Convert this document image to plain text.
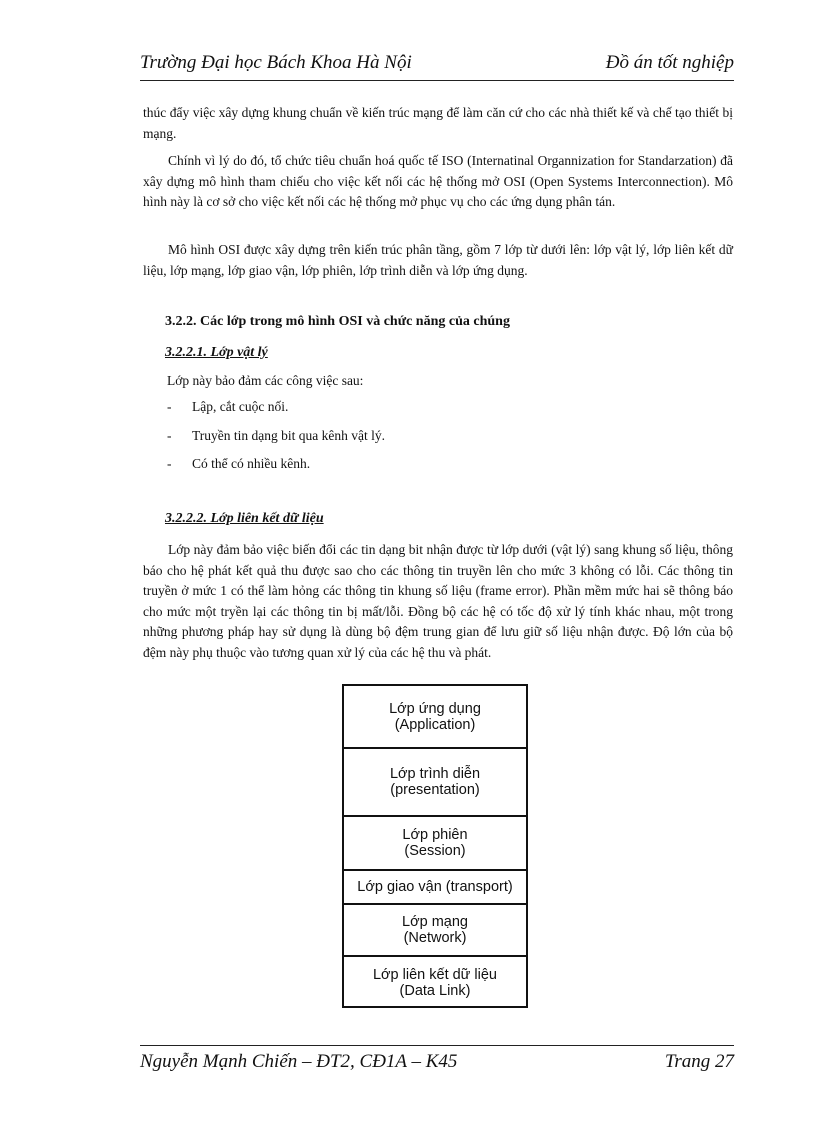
Trường Đại học Bách Khoa Hà Nội	Đồ án tốt nghiệp
thúc đẩy việc xây dựng khung chuẩn về kiến trúc mạng để làm căn cứ cho các nhà thiết kế và chế tạo thiết bị mạng.
Chính vì lý do đó, tổ chức tiêu chuẩn hoá quốc tế ISO (Internatinal Organnization for Standarzation) đã xây dựng mô hình tham chiếu cho việc kết nối các hệ thống mở OSI (Open Systems Interconnection). Mô hình này là cơ sở cho việc kết nối các hệ thống mở phục vụ cho các ứng dụng phân tán.
Mô hình OSI được xây dựng trên kiến trúc phân tầng, gồm 7 lớp từ dưới lên: lớp vật lý, lớp liên kết dữ liệu, lớp mạng, lớp giao vận, lớp phiên, lớp trình diễn và lớp ứng dụng.
3.2.2. Các lớp trong mô hình OSI và chức năng của chúng
3.2.2.1. Lớp vật lý
Lớp này bảo đảm các công việc sau:
- Lập, cắt cuộc nối.
- Truyền tin dạng bit qua kênh vật lý.
- Có thể có nhiều kênh.
3.2.2.2. Lớp liên kết dữ liệu
Lớp này đảm bảo việc biến đổi các tin dạng bit nhận được từ lớp dưới (vật lý) sang khung số liệu, thông báo cho hệ phát kết quả thu được sao cho các thông tin truyền lên cho mức 3 không có lỗi. Các thông tin truyền ở mức 1 có thể làm hỏng các thông tin khung số liệu (frame error). Phần mềm mức hai sẽ thông báo cho mức một tryền lại các thông tin bị mất/lỗi. Đồng bộ các hệ có tốc độ xử lý tính khác nhau, một trong những phương pháp hay sử dụng là dùng bộ đệm trung gian để lưu giữ số liệu nhận được. Độ lớn của bộ đệm này phụ thuộc vào tương quan xử lý của các hệ thu và phát.
Lớp ứng dụng
(Application)
Lớp trình diễn
(presentation)
Lớp phiên
(Session)
Lớp giao vận (transport)
Lớp mạng
(Network)
Lớp liên kết dữ liệu
(Data Link)
Nguyễn Mạnh Chiến – ĐT2, CĐ1A – K45	Trang 27
